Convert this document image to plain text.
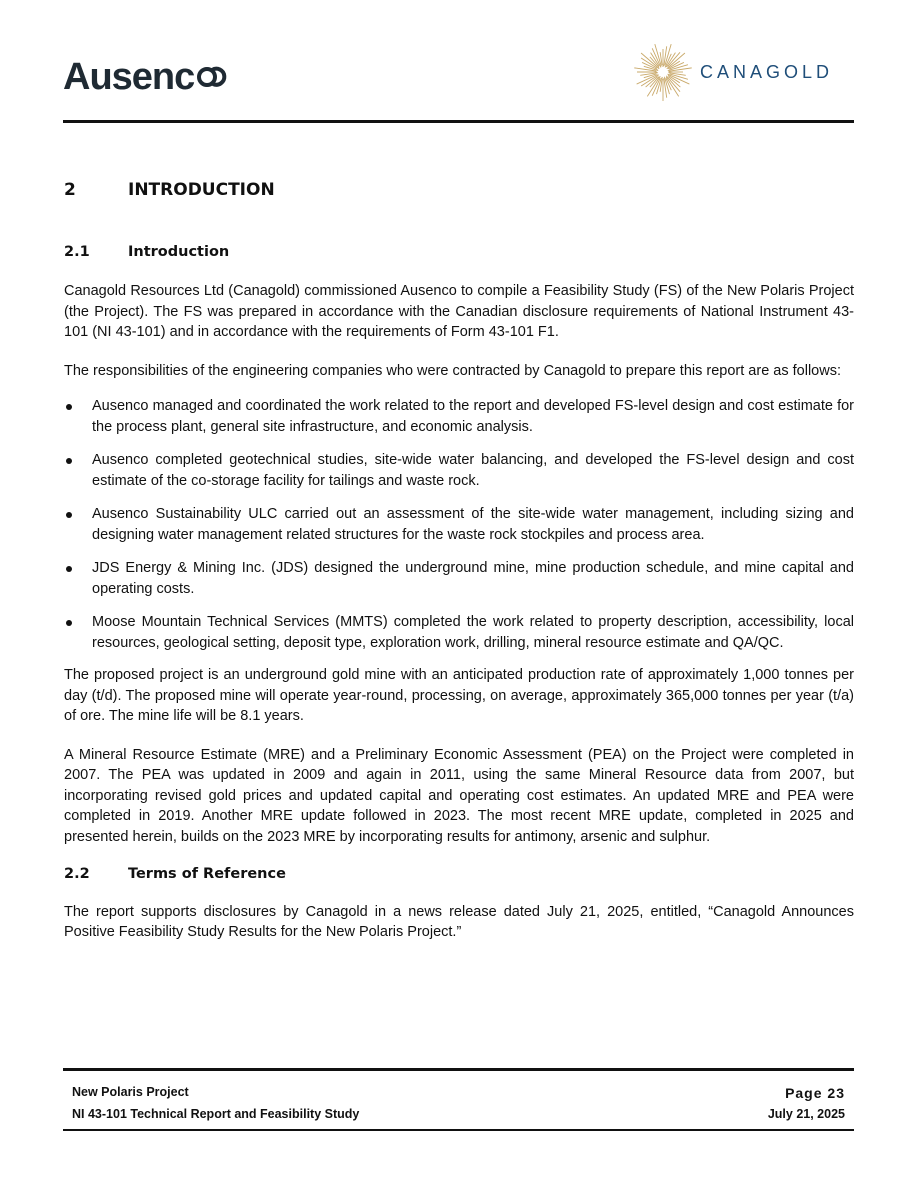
Ausenc	CANAGOLD
2	INTRODUCTION
2.1	Introduction

Canagold Resources Ltd (Canagold) commissioned Ausenco to compile a Feasibility Study (FS) of the New Polaris Project (the Project). The FS was prepared in accordance with the Canadian disclosure requirements of National Instrument 43-101 (NI 43-101) and in accordance with the requirements of Form 43-101 F1.

The responsibilities of the engineering companies who were contracted by Canagold to prepare this report are as follows:

Ausenco managed and coordinated the work related to the report and developed FS-level design and cost estimate for the process plant, general site infrastructure, and economic analysis.
Ausenco completed geotechnical studies, site-wide water balancing, and developed the FS-level design and cost estimate of the co-storage facility for tailings and waste rock.
Ausenco Sustainability ULC carried out an assessment of the site-wide water management, including sizing and designing water management related structures for the waste rock stockpiles and process area.
JDS Energy & Mining Inc. (JDS) designed the underground mine, mine production schedule, and mine capital and operating costs.
Moose Mountain Technical Services (MMTS) completed the work related to property description, accessibility, local resources, geological setting, deposit type, exploration work, drilling, mineral resource estimate and QA/QC.

The proposed project is an underground gold mine with an anticipated production rate of approximately 1,000 tonnes per day (t/d). The proposed mine will operate year-round, processing, on average, approximately 365,000 tonnes per year (t/a) of ore. The mine life will be 8.1 years.

A Mineral Resource Estimate (MRE) and a Preliminary Economic Assessment (PEA) on the Project were completed in 2007. The PEA was updated in 2009 and again in 2011, using the same Mineral Resource data from 2007, but incorporating revised gold prices and updated capital and operating cost estimates. An updated MRE and PEA were completed in 2019. Another MRE update followed in 2023. The most recent MRE update, completed in 2025 and presented herein, builds on the 2023 MRE by incorporating results for antimony, arsenic and sulphur.

2.2	Terms of Reference

The report supports disclosures by Canagold in a news release dated July 21, 2025, entitled, “Canagold Announces Positive Feasibility Study Results for the New Polaris Project.”

New Polaris Project	Page 23
NI 43-101 Technical Report and Feasibility Study	July 21, 2025
